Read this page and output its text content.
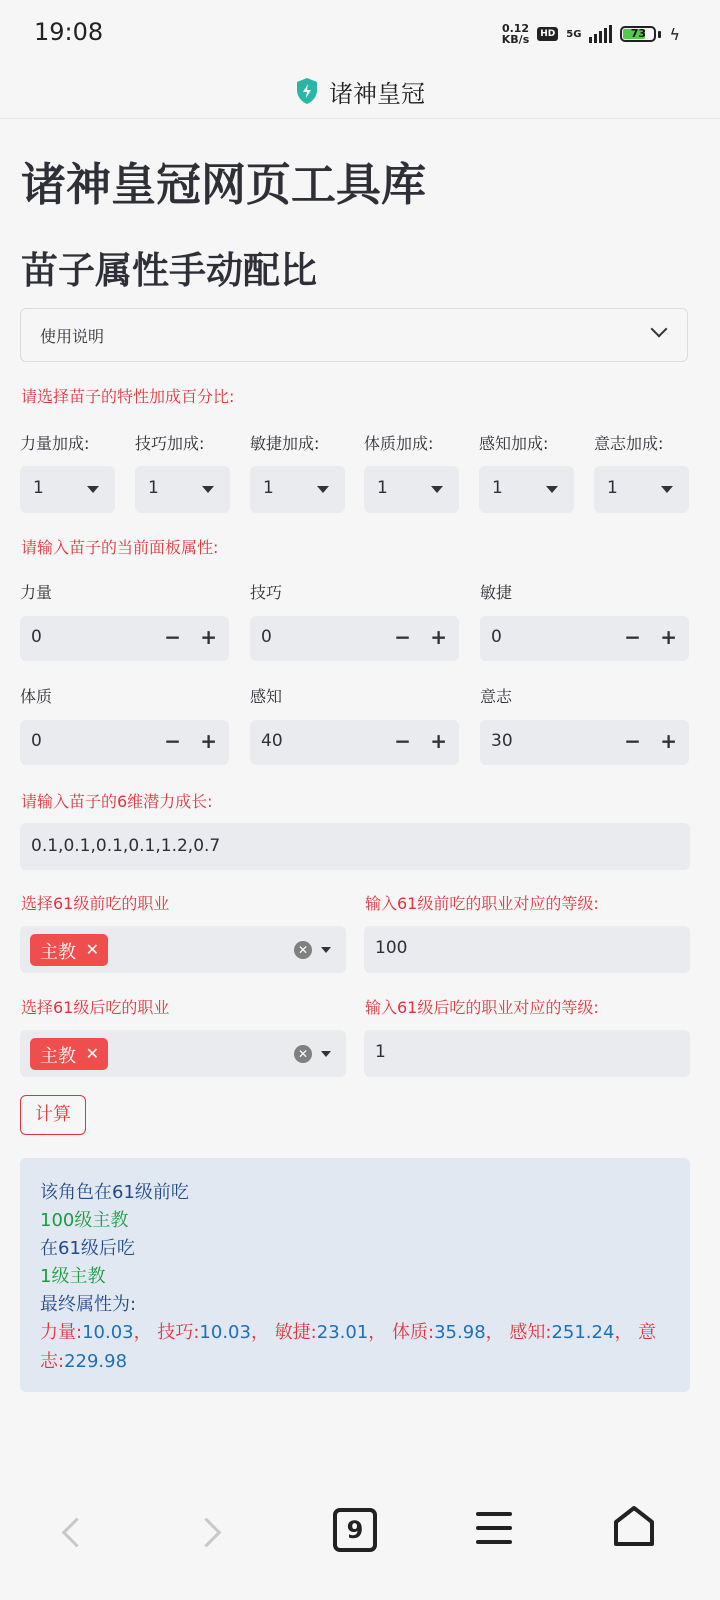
19:08	0.12
KB/s	HD	5G	73	ϟ
诸神皇冠
诸神皇冠网页工具库
苗子属性手动配比
使用说明
请选择苗子的特性加成百分比:
力量加成:	技巧加成:	敏捷加成:	体质加成:	感知加成:	意志加成:
1	1	1	1	1	1
请输入苗子的当前面板属性:
力量	技巧	敏捷
0	− +	0	− +	0	− +
体质	感知	意志
0	− +	40	− +	30	− +
请输入苗子的6维潜力成长:
0.1,0.1,0.1,0.1,1.2,0.7
选择61级前吃的职业	输入61级前吃的职业对应的等级:
主教 ✕	✕	100
选择61级后吃的职业	输入61级后吃的职业对应的等级:
主教 ✕	✕	1
计算
该角色在61级前吃
100级主教
在61级后吃
1级主教
最终属性为:
力量:10.03， 技巧:10.03， 敏捷:23.01， 体质:35.98， 感知:251.24， 意志:229.98
9
